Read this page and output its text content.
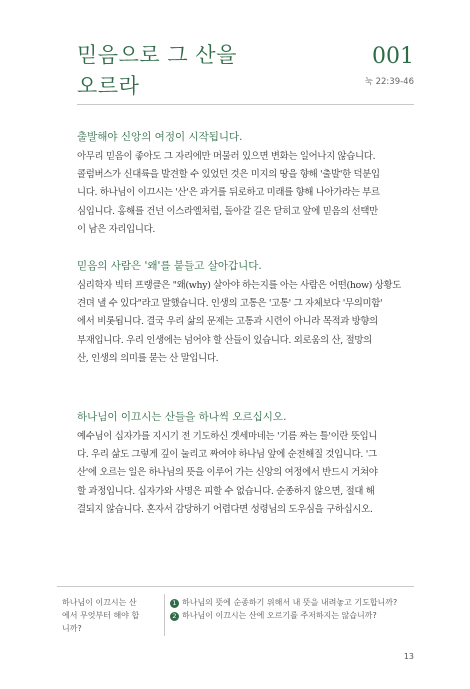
믿음으로 그 산을
오르라
001
눅 22:39-46
출발해야 신앙의 여정이 시작됩니다.
아무리 믿음이 좋아도 그 자리에만 머물러 있으면 변화는 일어나지 않습니다.
콜럼버스가 신대륙을 발견할 수 있었던 것은 미지의 땅을 향해 '출발'한 덕분입
니다. 하나님이 이끄시는 '산'은 과거를 뒤로하고 미래를 향해 나아가라는 부르
심입니다. 홍해를 건넌 이스라엘처럼, 돌아갈 길은 닫히고 앞에 믿음의 선택만
이 남은 자리입니다.
믿음의 사람은 '왜'를 붙들고 살아갑니다.
심리학자 빅터 프랭클은 "왜(why) 살아야 하는지를 아는 사람은 어떤(how) 상황도
견뎌 낼 수 있다"라고 말했습니다. 인생의 고통은 '고통' 그 자체보다 '무의미함'
에서 비롯됩니다. 결국 우리 삶의 문제는 고통과 시련이 아니라 목적과 방향의
부재입니다. 우리 인생에는 넘어야 할 산들이 있습니다. 외로움의 산, 절망의
산, 인생의 의미를 묻는 산 말입니다.
하나님이 이끄시는 산들을 하나씩 오르십시오.
예수님이 십자가를 지시기 전 기도하신 겟세마네는 '기름 짜는 틀'이란 뜻입니
다. 우리 삶도 그렇게 깊이 눌리고 짜여야 하나님 앞에 순전해질 것입니다. '그
산'에 오르는 일은 하나님의 뜻을 이루어 가는 신앙의 여정에서 반드시 거쳐야
할 과정입니다. 십자가와 사명은 피할 수 없습니다. 순종하지 않으면, 절대 해
결되지 않습니다. 혼자서 감당하기 어렵다면 성령님의 도우심을 구하십시오.
하나님이 이끄시는 산
에서 무엇부터 해야 합
니까?
1 하나님의 뜻에 순종하기 위해서 내 뜻을 내려놓고 기도합니까?
2 하나님이 이끄시는 산에 오르기를 주저하지는 않습니까?
13
